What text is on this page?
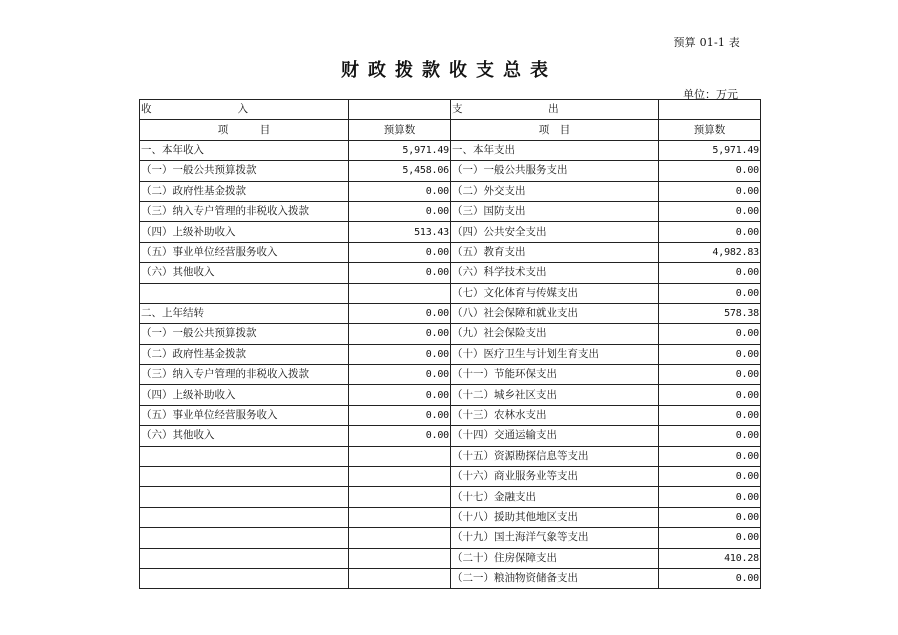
预算 01-1 表
财政拨款收支总表
单位：万元
收 入		支 出	

项　　　目	预算数	项　目	预算数
一、本年收入	5,971.49	一、本年支出	5,971.49
（一）一般公共预算拨款	5,458.06	（一）一般公共服务支出	0.00
（二）政府性基金拨款	0.00	（二）外交支出	0.00
（三）纳入专户管理的非税收入拨款	0.00	（三）国防支出	0.00
（四）上级补助收入	513.43	（四）公共安全支出	0.00
（五）事业单位经营服务收入	0.00	（五）教育支出	4,982.83
（六）其他收入	0.00	（六）科学技术支出	0.00
		（七）文化体育与传媒支出	0.00
二、上年结转	0.00	（八）社会保障和就业支出	578.38
（一）一般公共预算拨款	0.00	（九）社会保险支出	0.00
（二）政府性基金拨款	0.00	（十）医疗卫生与计划生育支出	0.00
（三）纳入专户管理的非税收入拨款	0.00	（十一）节能环保支出	0.00
（四）上级补助收入	0.00	（十二）城乡社区支出	0.00
（五）事业单位经营服务收入	0.00	（十三）农林水支出	0.00
（六）其他收入	0.00	（十四）交通运输支出	0.00
		（十五）资源勘探信息等支出	0.00
		（十六）商业服务业等支出	0.00
		（十七）金融支出	0.00
		（十八）援助其他地区支出	0.00
		（十九）国土海洋气象等支出	0.00
		（二十）住房保障支出	410.28
		（二一）粮油物资储备支出	0.00
